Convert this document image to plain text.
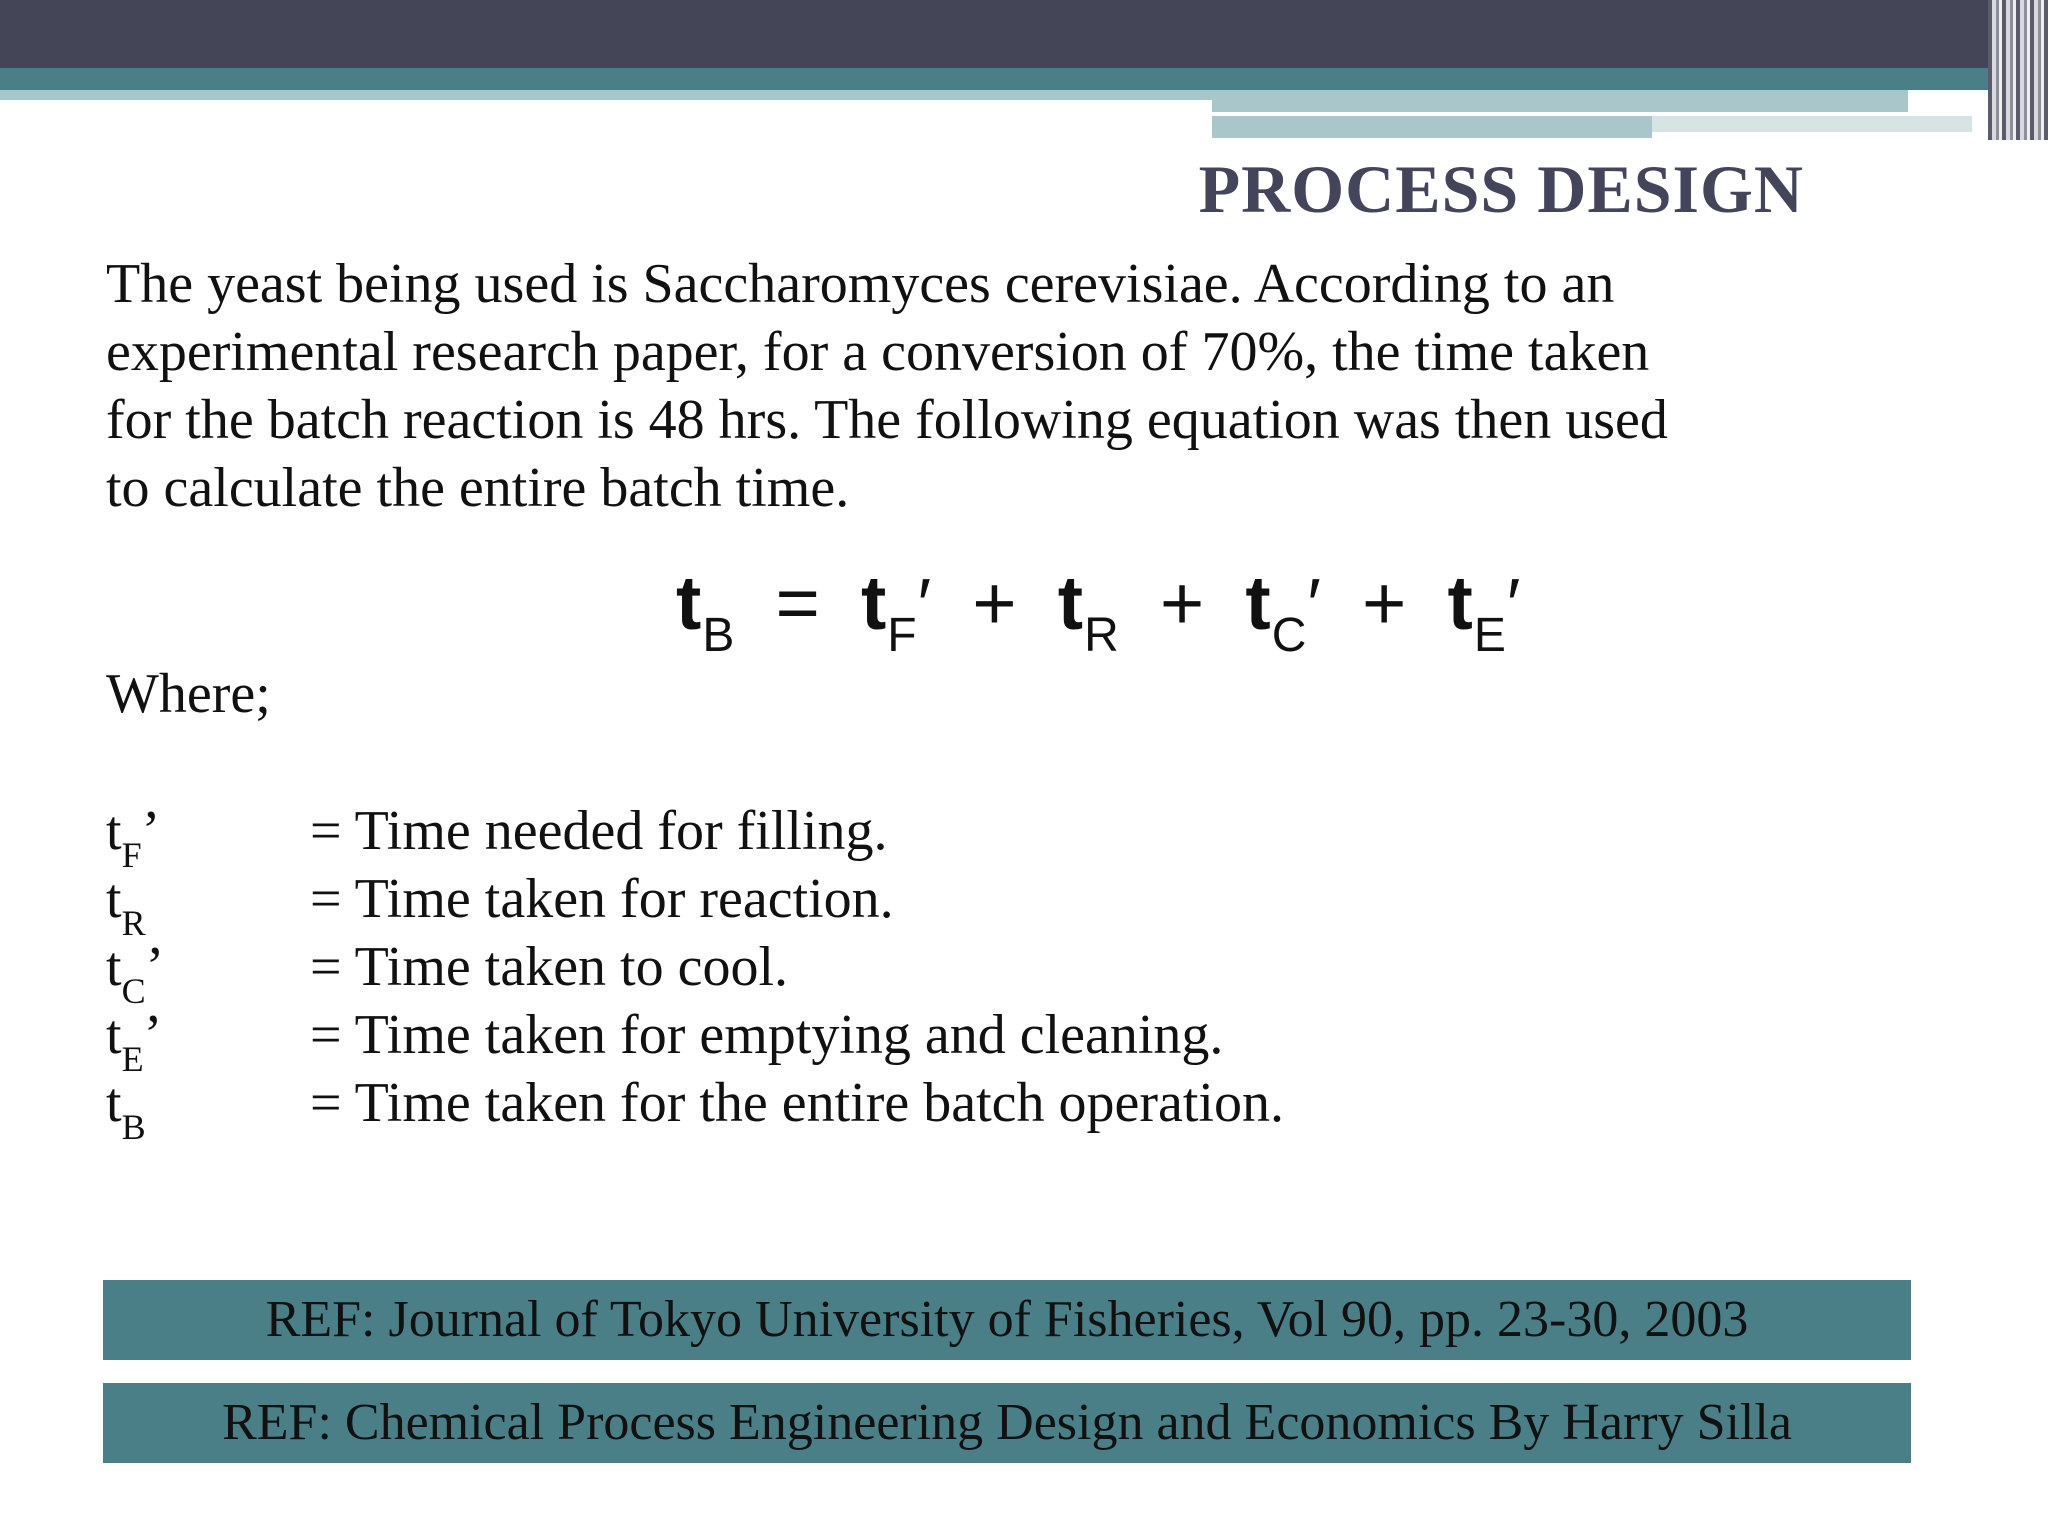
PROCESS DESIGN

The yeast being used is Saccharomyces cerevisiae. According to an
experimental research paper, for a conversion of 70%, the time taken
for the batch reaction is 48 hrs. The following equation was then used
to calculate the entire batch time.

$t_B = t_F' + t_R + t_C' + t_E'$
Where;
$t_F$’	= Time needed for filling.
$t_R$	= Time taken for reaction.
$t_C$’	= Time taken to cool.
$t_E$’	= Time taken for emptying and cleaning.
$t_B$	= Time taken for the entire batch operation.
REF: Journal of Tokyo University of Fisheries, Vol 90, pp. 23-30, 2003
REF: Chemical Process Engineering Design and Economics By Harry Silla
